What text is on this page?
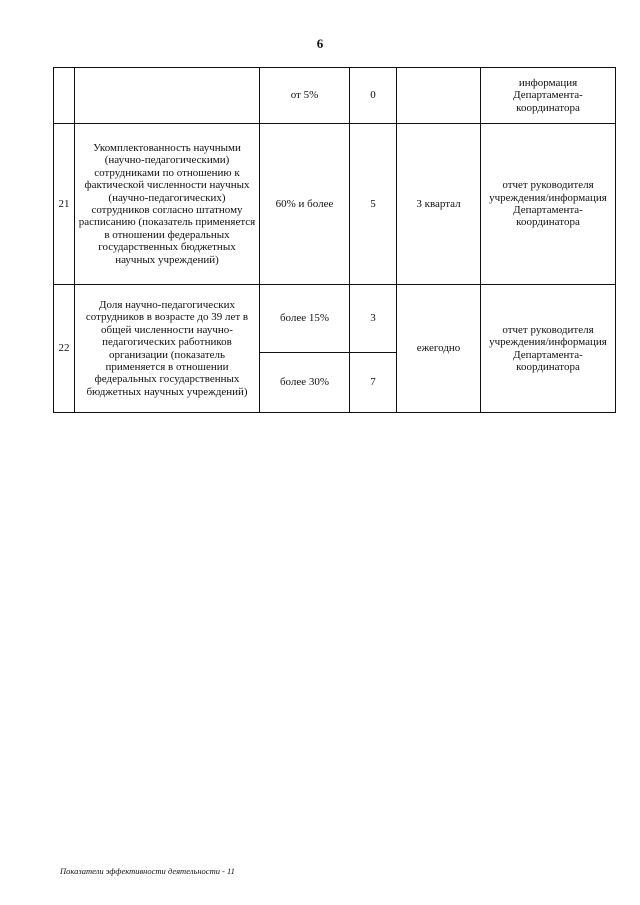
6
		от 5%	0		информация Департамента-координатора
21	Укомплектованность научными (научно-педагогическими) сотрудниками по отношению к фактической численности научных (научно-педагогических) сотрудников согласно штатному расписанию (показатель применяется в отношении федеральных государственных бюджетных научных учреждений)	60% и более	5	3 квартал	отчет руководителя учреждения/информация Департамента-координатора
22	Доля научно-педагогических сотрудников в возрасте до 39 лет в общей численности научно-педагогических работников организации (показатель применяется в отношении федеральных государственных бюджетных научных учреждений)	более 15%	3	ежегодно	отчет руководителя учреждения/информация Департамента-координатора
		более 30%	7		
Показатели эффективности деятельности - 11
